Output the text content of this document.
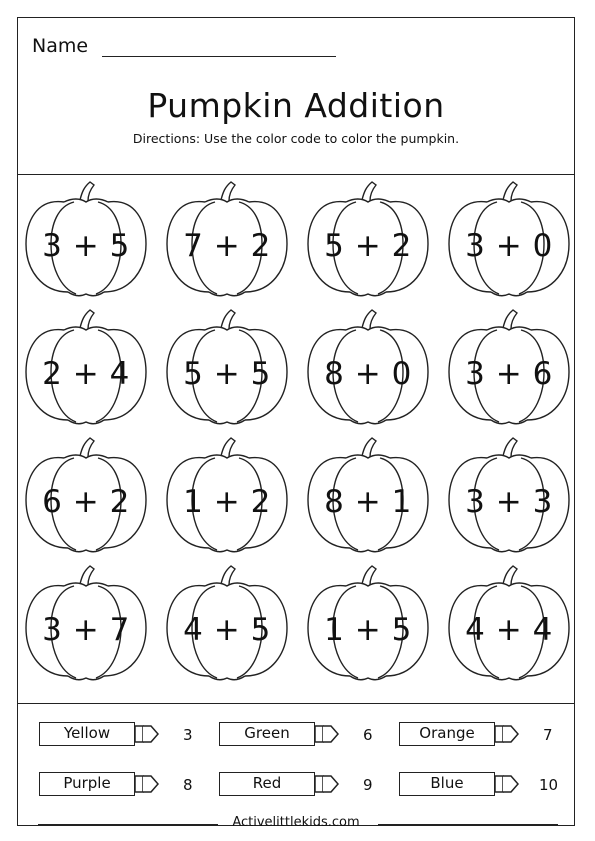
Name
Pumpkin Addition
Directions: Use the color code to color the pumpkin.
3 + 5	7 + 2	5 + 2	3 + 0
2 + 4	5 + 5	8 + 0	3 + 6
6 + 2	1 + 2	8 + 1	3 + 3
3 + 7	4 + 5	1 + 5	4 + 4
Yellow	3	Green	6	Orange	7
Purple	8	Red	9	Blue	10
Activelittlekids.com
